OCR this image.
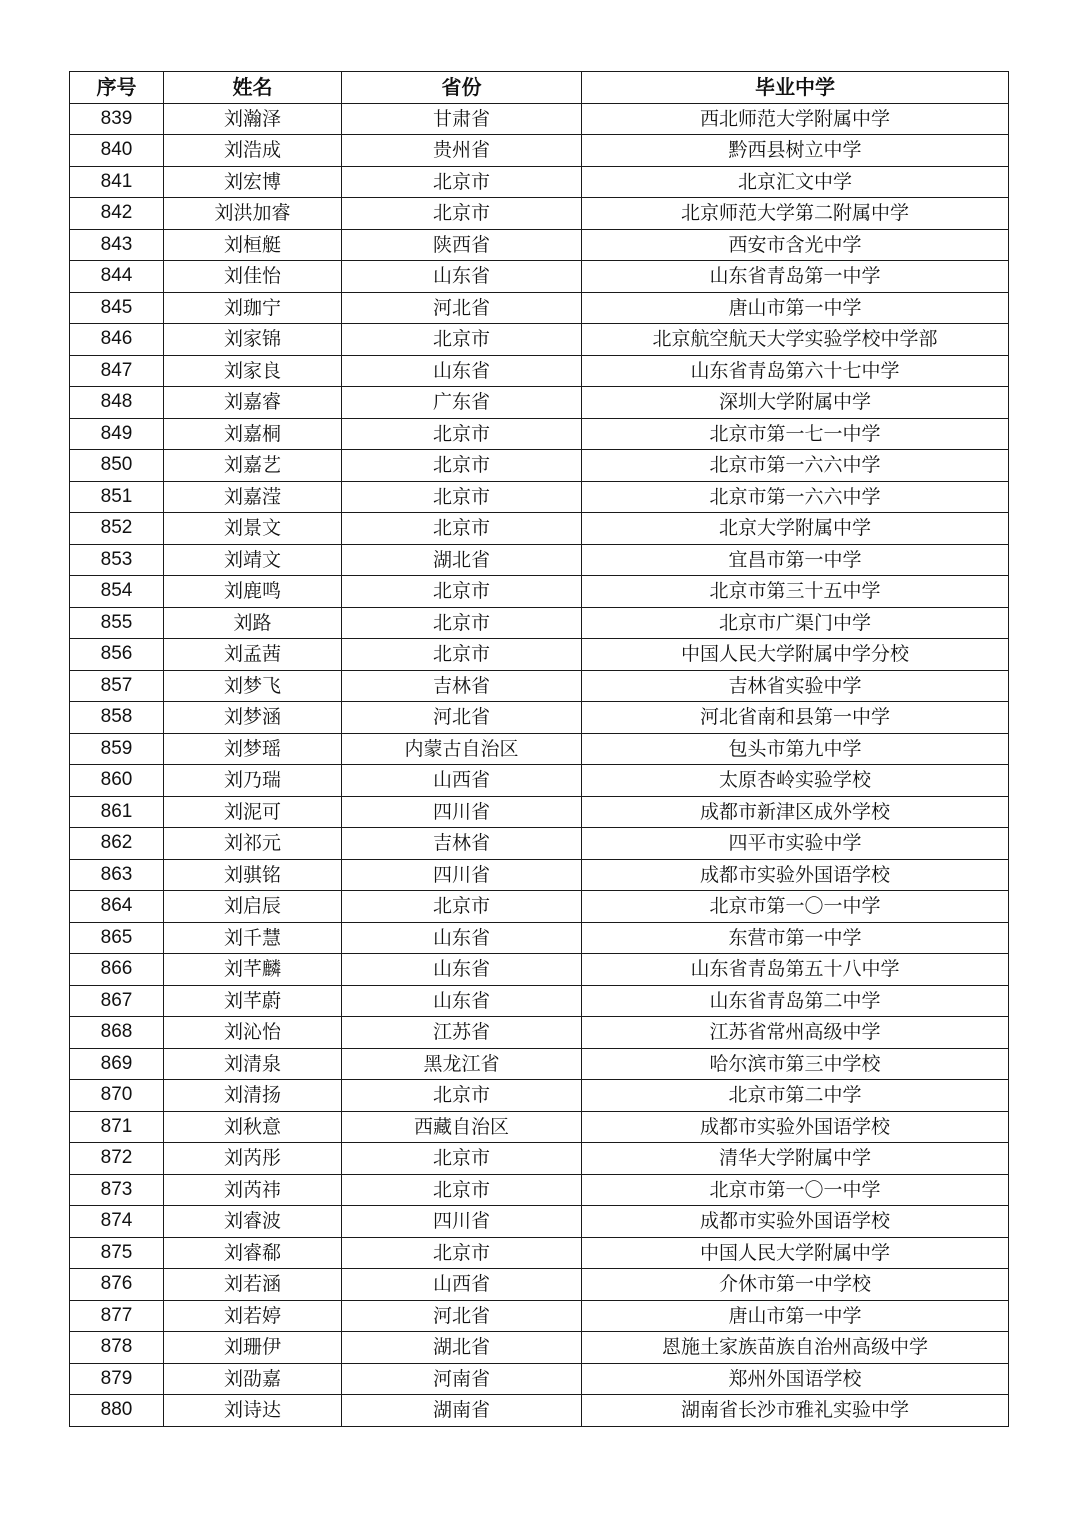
序号	姓名	省份	毕业中学
839	刘瀚泽	甘肃省	西北师范大学附属中学
840	刘浩成	贵州省	黔西县树立中学
841	刘宏博	北京市	北京汇文中学
842	刘洪加睿	北京市	北京师范大学第二附属中学
843	刘桓艇	陕西省	西安市含光中学
844	刘佳怡	山东省	山东省青岛第一中学
845	刘珈宁	河北省	唐山市第一中学
846	刘家锦	北京市	北京航空航天大学实验学校中学部
847	刘家良	山东省	山东省青岛第六十七中学
848	刘嘉睿	广东省	深圳大学附属中学
849	刘嘉桐	北京市	北京市第一七一中学
850	刘嘉艺	北京市	北京市第一六六中学
851	刘嘉滢	北京市	北京市第一六六中学
852	刘景文	北京市	北京大学附属中学
853	刘靖文	湖北省	宜昌市第一中学
854	刘鹿鸣	北京市	北京市第三十五中学
855	刘路	北京市	北京市广渠门中学
856	刘孟茜	北京市	中国人民大学附属中学分校
857	刘梦飞	吉林省	吉林省实验中学
858	刘梦涵	河北省	河北省南和县第一中学
859	刘梦瑶	内蒙古自治区	包头市第九中学
860	刘乃瑞	山西省	太原杏岭实验学校
861	刘泥可	四川省	成都市新津区成外学校
862	刘祁元	吉林省	四平市实验中学
863	刘骐铭	四川省	成都市实验外国语学校
864	刘启辰	北京市	北京市第一〇一中学
865	刘千慧	山东省	东营市第一中学
866	刘芊麟	山东省	山东省青岛第五十八中学
867	刘芊蔚	山东省	山东省青岛第二中学
868	刘沁怡	江苏省	江苏省常州高级中学
869	刘清泉	黑龙江省	哈尔滨市第三中学校
870	刘清扬	北京市	北京市第二中学
871	刘秋意	西藏自治区	成都市实验外国语学校
872	刘芮彤	北京市	清华大学附属中学
873	刘芮祎	北京市	北京市第一〇一中学
874	刘睿波	四川省	成都市实验外国语学校
875	刘睿郗	北京市	中国人民大学附属中学
876	刘若涵	山西省	介休市第一中学校
877	刘若婷	河北省	唐山市第一中学
878	刘珊伊	湖北省	恩施土家族苗族自治州高级中学
879	刘劭嘉	河南省	郑州外国语学校
880	刘诗达	湖南省	湖南省长沙市雅礼实验中学
